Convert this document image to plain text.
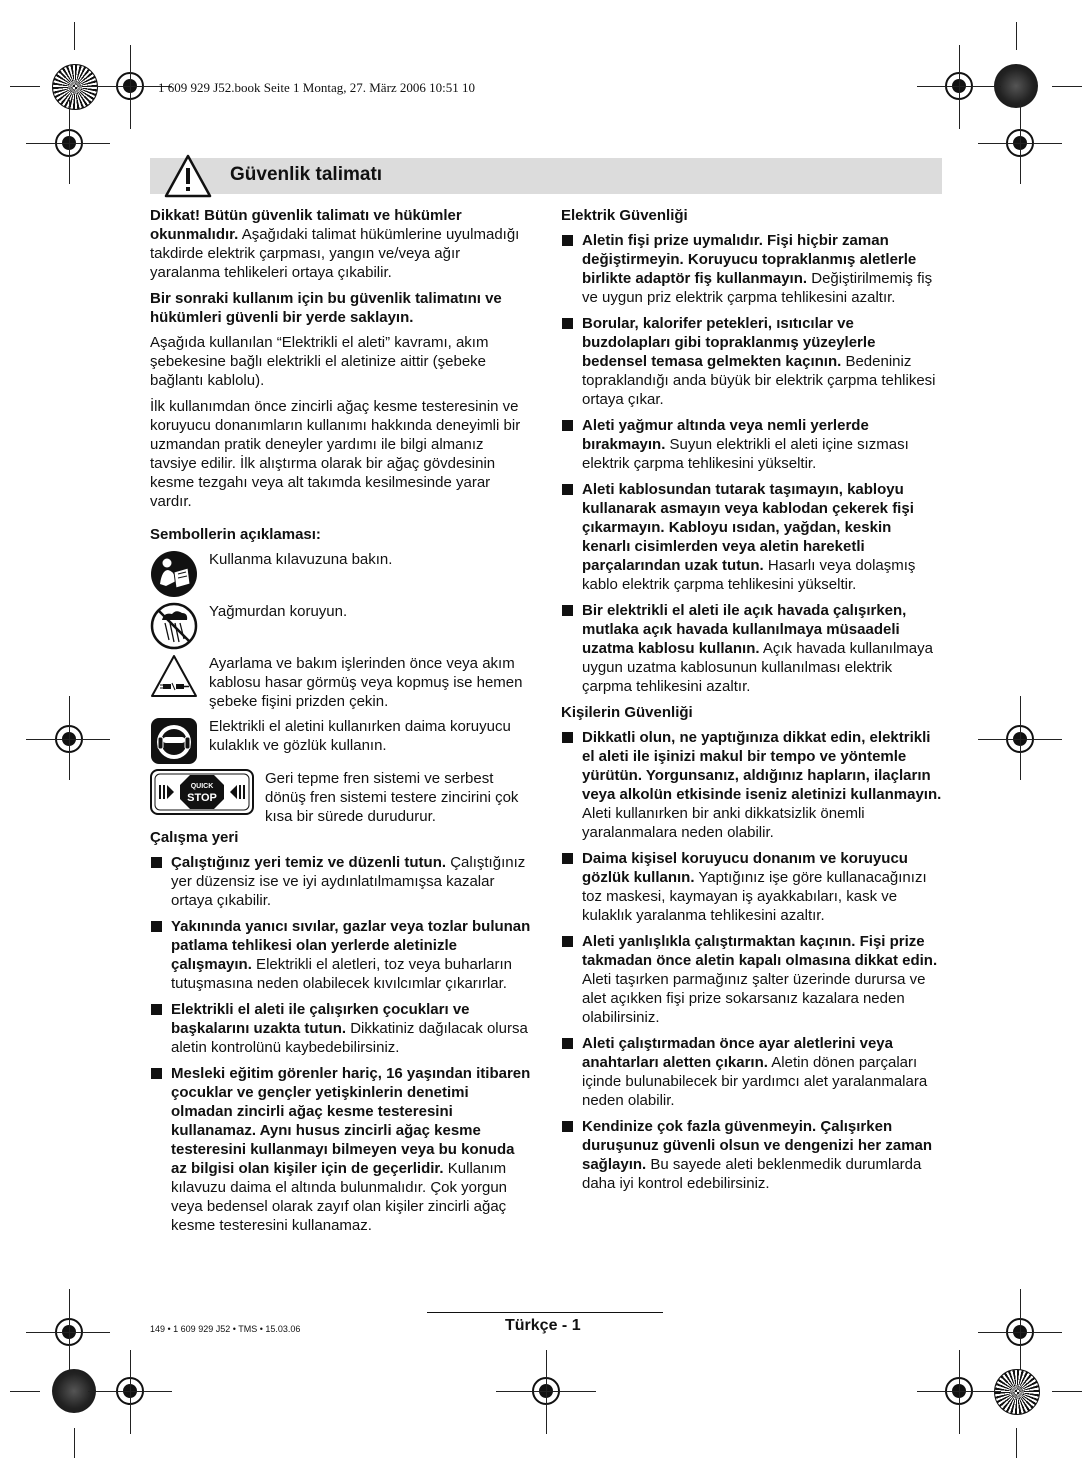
1 609 929 J52.book Seite 1 Montag, 27. März 2006 10:51 10
Güvenlik talimatı

Dikkat! Bütün güvenlik talimatı ve hükümler okunmalıdır. Aşağıdaki talimat hükümlerine uyulmadığı takdirde elektrik çarpması, yangın ve/veya ağır yaralanma tehlikeleri ortaya çıkabilir.

Bir sonraki kullanım için bu güvenlik talimatını ve hükümleri güvenli bir yerde saklayın.

Aşağıda kullanılan “Elektrikli el aleti” kavramı, akım şebekesine bağlı elektrikli el aletinize aittir (şebeke bağlantı kablolu).

İlk kullanımdan önce zincirli ağaç kesme testeresinin ve koruyucu donanımların kullanımı hakkında deneyimli bir uzmandan pratik deneyler yardımı ile bilgi almanız tavsiye edilir. İlk alıştırma olarak bir ağaç gövdesinin kesme tezgahı veya alt takımda kesilmesinde yarar vardır.

Sembollerin açıklaması:

Kullanma kılavuzuna bakın.
Yağmurdan koruyun.
Ayarlama ve bakım işlerinden önce veya akım kablosu hasar görmüş veya kopmuş ise hemen şebeke fişini prizden çekin.
Elektrikli el aletini kullanırken daima koruyucu kulaklık ve gözlük kullanın.
QUICK
STOP
Geri tepme fren sistemi ve serbest dönüş fren sistemi testere zincirini çok kısa bir sürede durudurur.

Çalışma yeri

Çalıştığınız yeri temiz ve düzenli tutun. Çalıştığınız yer düzensiz ise ve iyi aydınlatılmamışsa kazalar ortaya çıkabilir.
Yakınında yanıcı sıvılar, gazlar veya tozlar bulunan patlama tehlikesi olan yerlerde aletinizle çalışmayın. Elektrikli el aletleri, toz veya buharların tutuşmasına neden olabilecek kıvılcımlar çıkarırlar.
Elektrikli el aleti ile çalışırken çocukları ve başkalarını uzakta tutun. Dikkatiniz dağılacak olursa aletin kontrolünü kaybedebilirsiniz.
Mesleki eğitim görenler hariç, 16 yaşından itibaren çocuklar ve gençler yetişkinlerin denetimi olmadan zincirli ağaç kesme testeresini kullanamaz. Aynı husus zincirli ağaç kesme testeresini kullanmayı bilmeyen veya bu konuda az bilgisi olan kişiler için de geçerlidir. Kullanım kılavuzu daima el altında bulunmalıdır. Çok yorgun veya bedensel olarak zayıf olan kişiler zincirli ağaç kesme testeresini kullanamaz.

Elektrik Güvenliği

Aletin fişi prize uymalıdır. Fişi hiçbir zaman değiştirmeyin. Koruyucu topraklanmış aletlerle birlikte adaptör fiş kullanmayın. Değiştirilmemiş fiş ve uygun priz elektrik çarpma tehlikesini azaltır.
Borular, kalorifer petekleri, ısıtıcılar ve buzdolapları gibi topraklanmış yüzeylerle bedensel temasa gelmekten kaçının. Bedeniniz topraklandığı anda büyük bir elektrik çarpma tehlikesi ortaya çıkar.
Aleti yağmur altında veya nemli yerlerde bırakmayın. Suyun elektrikli el aleti içine sızması elektrik çarpma tehlikesini yükseltir.
Aleti kablosundan tutarak taşımayın, kabloyu kullanarak asmayın veya kablodan çekerek fişi çıkarmayın. Kabloyu ısıdan, yağdan, keskin kenarlı cisimlerden veya aletin hareketli parçalarından uzak tutun. Hasarlı veya dolaşmış kablo elektrik çarpma tehlikesini yükseltir.
Bir elektrikli el aleti ile açık havada çalışırken, mutlaka açık havada kullanılmaya müsaadeli uzatma kablosu kullanın. Açık havada kullanılmaya uygun uzatma kablosunun kullanılması elektrik çarpma tehlikesini azaltır.

Kişilerin Güvenliği

Dikkatli olun, ne yaptığınıza dikkat edin, elektrikli el aleti ile işinizi makul bir tempo ve yöntemle yürütün. Yorgunsanız, aldığınız hapların, ilaçların veya alkolün etkisinde iseniz aletinizi kullanmayın. Aleti kullanırken bir anki dikkatsizlik önemli yaralanmalara neden olabilir.
Daima kişisel koruyucu donanım ve koruyucu gözlük kullanın. Yaptığınız işe göre kullanacağınızı toz maskesi, kaymayan iş ayakkabıları, kask ve kulaklık yaralanma tehlikesini azaltır.
Aleti yanlışlıkla çalıştırmaktan kaçının. Fişi prize takmadan önce aletin kapalı olmasına dikkat edin. Aleti taşırken parmağınız şalter üzerinde durursa ve alet açıkken fişi prize sokarsanız kazalara neden olabilirsiniz.
Aleti çalıştırmadan önce ayar aletlerini veya anahtarları aletten çıkarın. Aletin dönen parçaları içinde bulunabilecek bir yardımcı alet yaralanmalara neden olabilir.
Kendinize çok fazla güvenmeyin. Çalışırken duruşunuz güvenli olsun ve dengenizi her zaman sağlayın. Bu sayede aleti beklenmedik durumlarda daha iyi kontrol edebilirsiniz.
149 • 1 609 929 J52 • TMS • 15.03.06	Türkçe - 1
